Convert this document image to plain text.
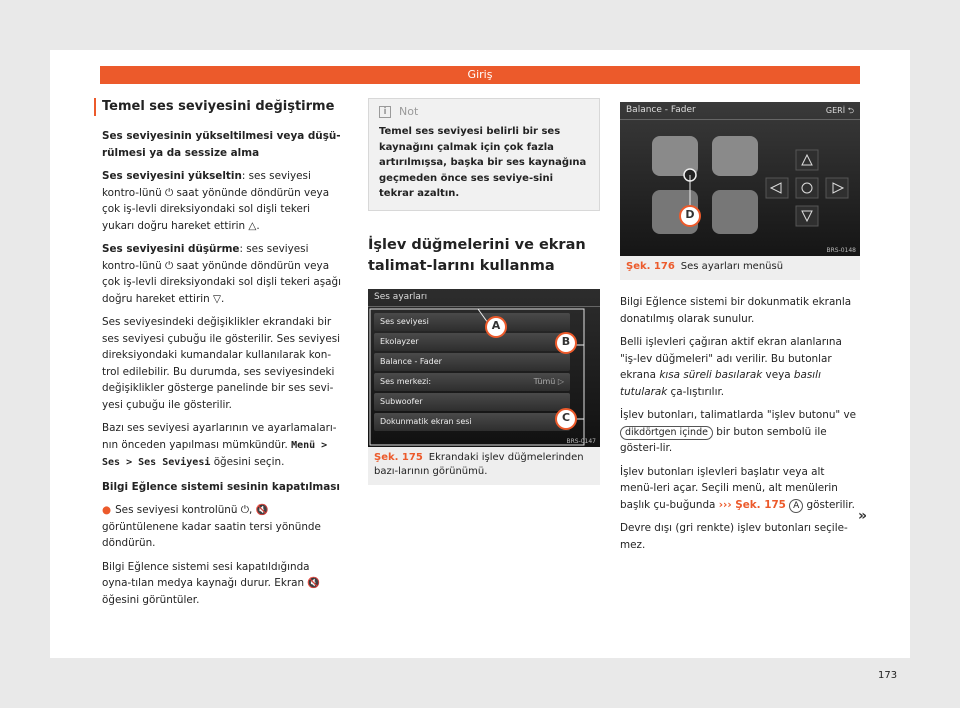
Giriş
Temel ses seviyesini değiştirme
Ses seviyesinin yükseltilmesi veya düşü-rülmesi ya da sessize alma

Ses seviyesini yükseltin: ses seviyesi kontro-lünü ⏻ saat yönünde döndürün veya çok iş-levli direksiyondaki sol dişli tekeri yukarı doğru hareket ettirin △.

Ses seviyesini düşürme: ses seviyesi kontro-lünü ⏻ saat yönünde döndürün veya çok iş-levli direksiyondaki sol dişli tekeri aşağı doğru hareket ettirin ▽.

Ses seviyesindeki değişiklikler ekrandaki bir ses seviyesi çubuğu ile gösterilir. Ses seviyesi direksiyondaki kumandalar kullanılarak kon-trol edilebilir. Bu durumda, ses seviyesindeki değişiklikler gösterge panelinde bir ses sevi-yesi çubuğu ile gösterilir.

Bazı ses seviyesi ayarlarının ve ayarlamaları-nın önceden yapılması mümkündür. Menü > Ses > Ses Seviyesi öğesini seçin.

Bilgi Eğlence sistemi sesinin kapatılması

● Ses seviyesi kontrolünü ⏻, 🔇 görüntülenene kadar saatin tersi yönünde döndürün.

Bilgi Eğlence sistemi sesi kapatıldığında oyna-tılan medya kaynağı durur. Ekran 🔇 öğesini görüntüler.

i	Not

Temel ses seviyesi belirli bir ses kaynağını çalmak için çok fazla artırılmışsa, başka bir ses kaynağına geçmeden önce ses seviye-sini tekrar azaltın.

İşlev düğmelerini ve ekran talimat-larını kullanma
Ses ayarları
Ses seviyesi
Ekolayzer
Balance - Fader
Ses merkezi:	Tümü ▷
Subwoofer
Dokunmatik ekran sesi
A
B
C
BRS-0147
Şek. 175 Ekrandaki işlev düğmelerinden bazı-larının görünümü.
Balance - Fader	GERİ ⮌
D
BRS-0148
Şek. 176 Ses ayarları menüsü

Bilgi Eğlence sistemi bir dokunmatik ekranla donatılmış olarak sunulur.

Belli işlevleri çağıran aktif ekran alanlarına "iş-lev düğmeleri" adı verilir. Bu butonlar ekrana kısa süreli basılarak veya basılı tutularak ça-lıştırılır.

İşlev butonları, talimatlarda "işlev butonu" ve dikdörtgen içinde bir buton sembolü ile gösteri-lir.

İşlev butonları işlevleri başlatır veya alt menü-leri açar. Seçili menü, alt menülerin başlık çu-buğunda ››› Şek. 175 A gösterilir.

Devre dışı (gri renkte) işlev butonları seçile-mez.

»
173
